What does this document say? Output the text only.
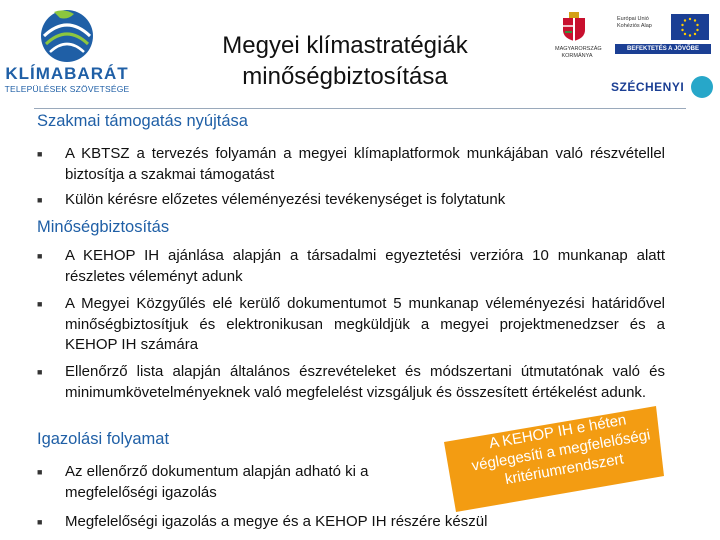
KLÍMABARÁT
TELEPÜLÉSEK SZÖVETSÉGE
Megyei klímastratégiák
minőségbiztosítása
MAGYARORSZÁG KORMÁNYA
Európai Unió Kohéziós Alap
BEFEKTETÉS A JÖVŐBE
SZÉCHENYI
Szakmai támogatás nyújtása
■	A KBTSZ a tervezés folyamán a megyei klímaplatformok munkájában való részvétellel biztosítja a szakmai támogatást
■	Külön kérésre előzetes véleményezési tevékenységet is folytatunk
Minőségbiztosítás
■	A KEHOP IH ajánlása alapján a társadalmi egyeztetési verzióra 10 munkanap alatt részletes véleményt adunk
■	A Megyei Közgyűlés elé kerülő dokumentumot 5 munkanap véleményezési határidővel minőségbiztosítjuk és elektronikusan megküldjük a megyei projektmenedzser és a KEHOP IH számára
■	Ellenőrző lista alapján általános észrevételeket és módszertani útmutatónak való és minimumkövetelményeknek való megfelelést vizsgáljuk és összesített értékelést adunk.
A KEHOP IH e héten véglegesíti a megfelelőségi kritériumrendszert
Igazolási folyamat
■	Az ellenőrző dokumentum alapján adható ki a megfelelőségi igazolás
■	Megfelelőségi igazolás a megye és a KEHOP IH részére készül
